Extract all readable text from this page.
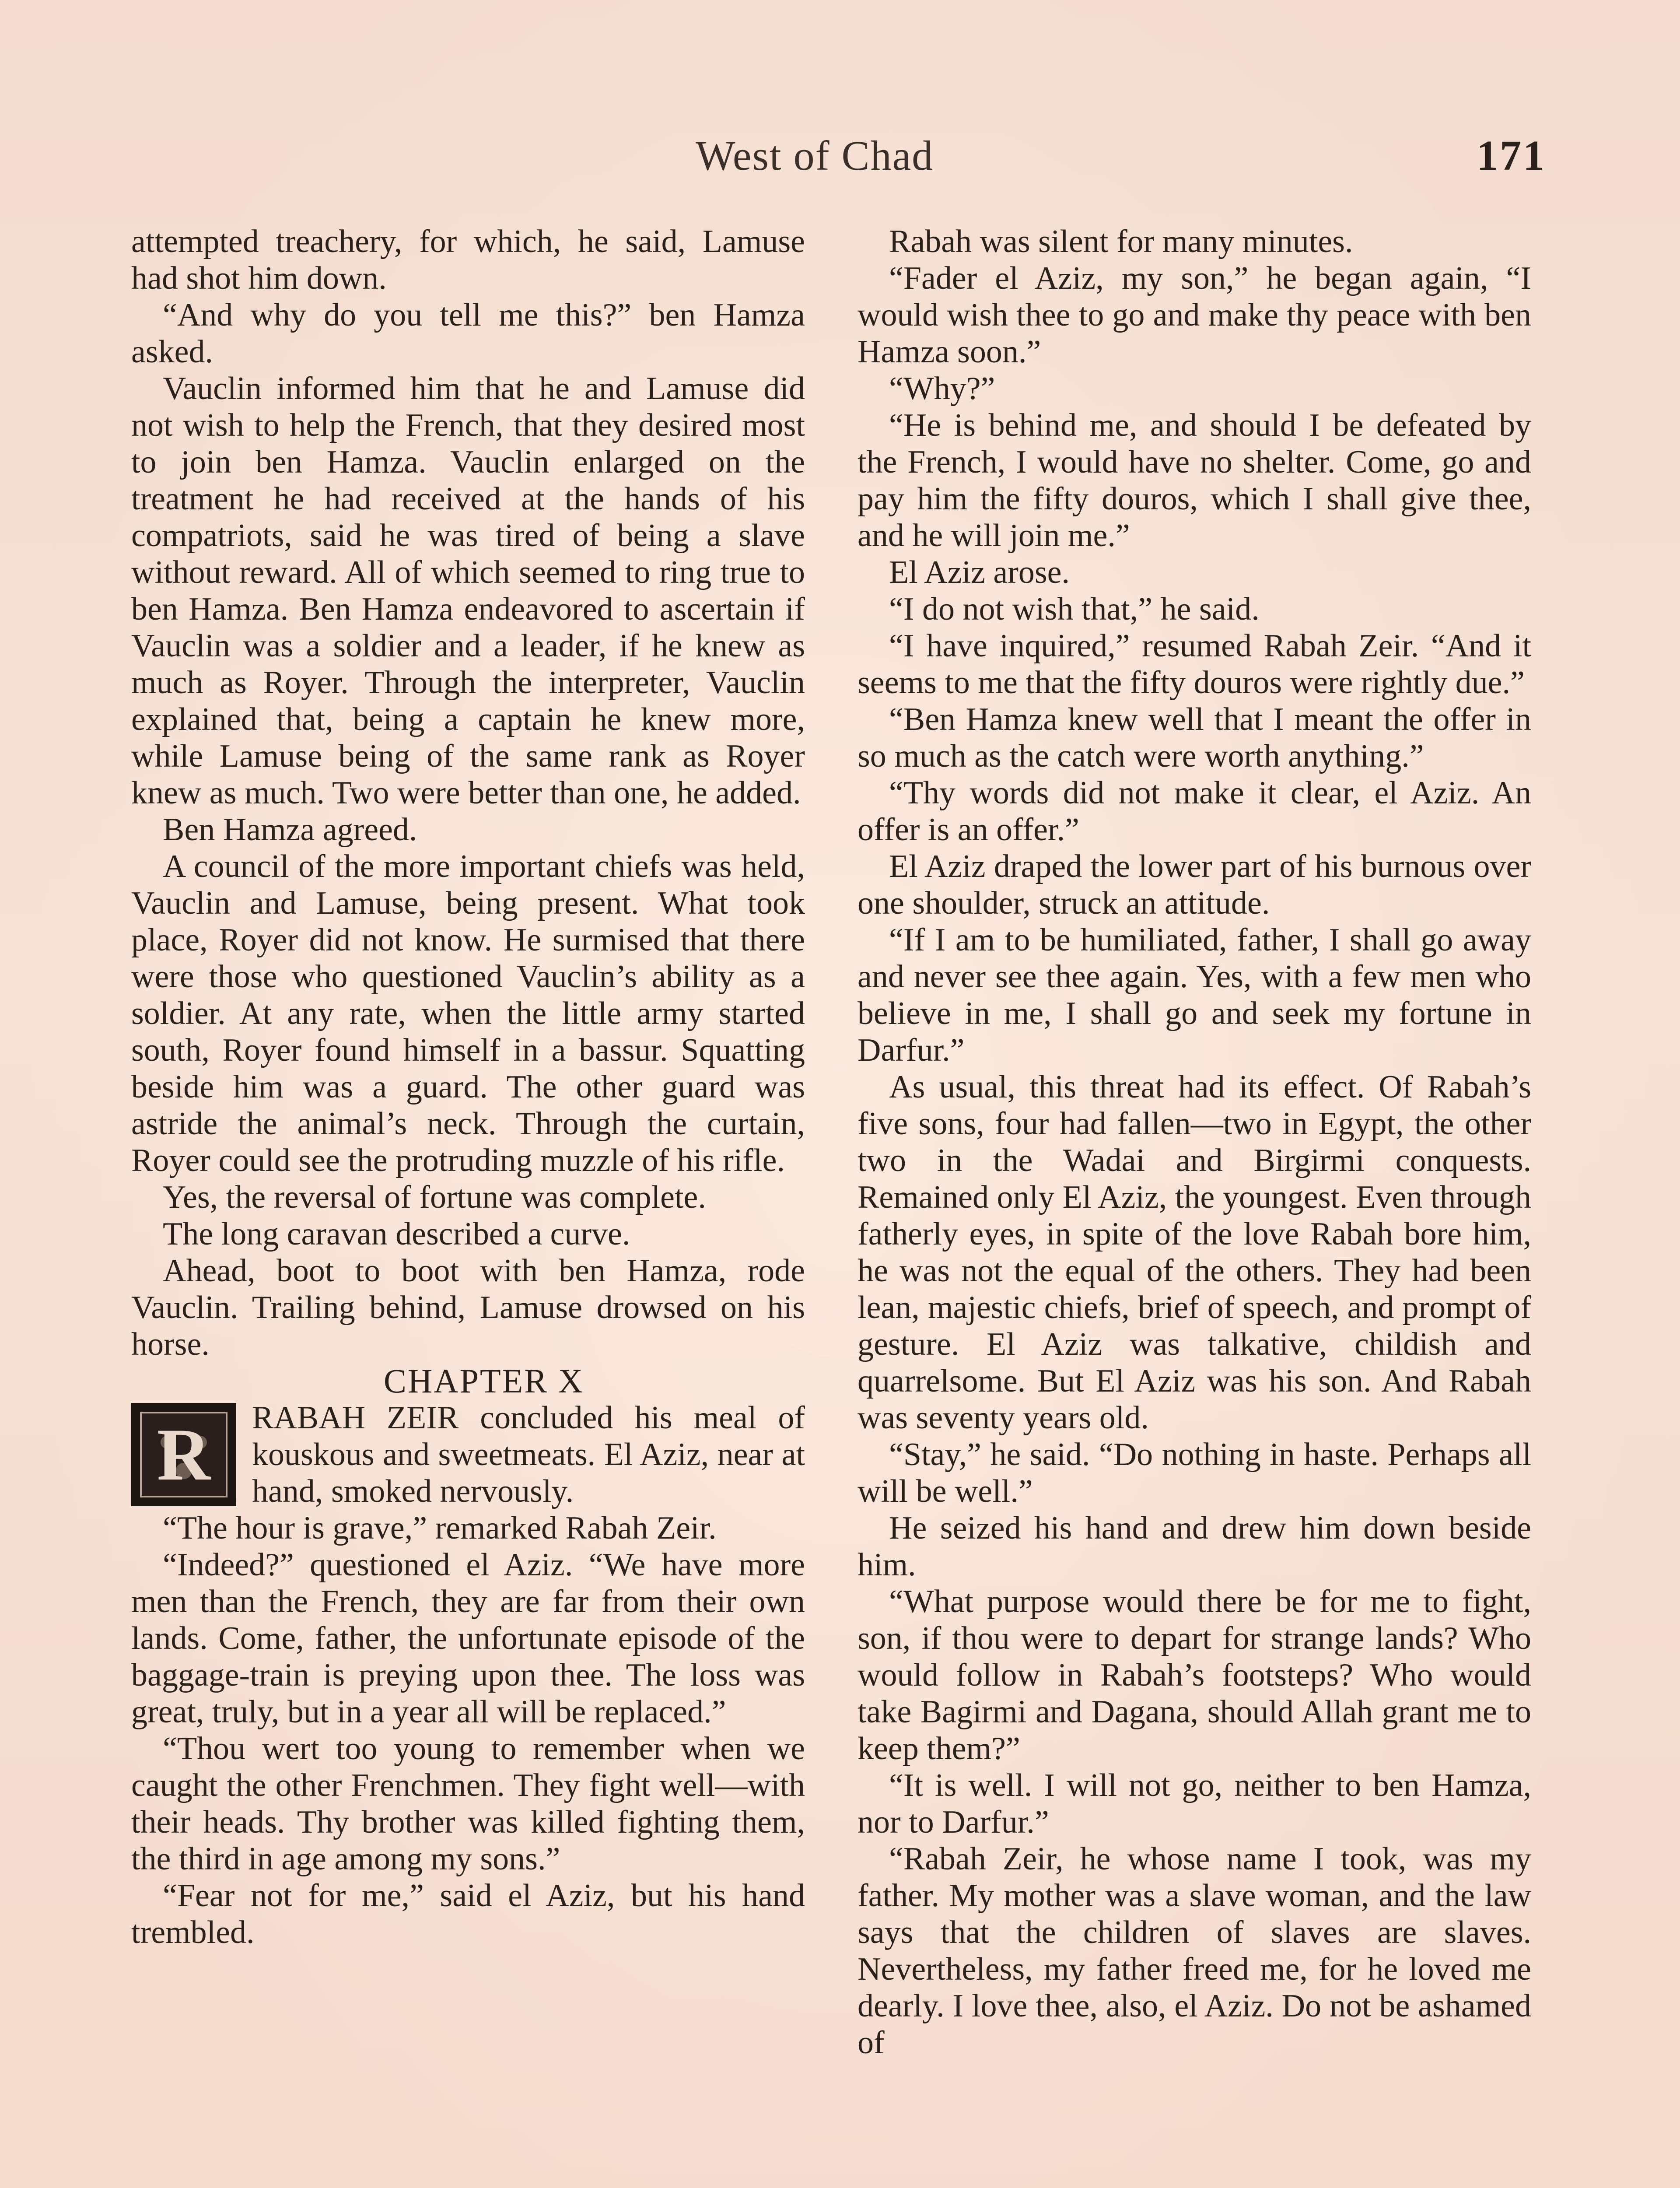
West of Chad	171

attempted treachery, for which, he said, Lamuse had shot him down.

“And why do you tell me this?” ben Hamza asked.

Vauclin informed him that he and Lamuse did not wish to help the French, that they desired most to join ben Hamza. Vauclin enlarged on the treatment he had received at the hands of his compatriots, said he was tired of being a slave without reward. All of which seemed to ring true to ben Hamza. Ben Hamza endeavored to ascertain if Vauclin was a soldier and a leader, if he knew as much as Royer. Through the interpreter, Vauclin explained that, being a captain he knew more, while Lamuse being of the same rank as Royer knew as much. Two were better than one, he added.

Ben Hamza agreed.

A council of the more important chiefs was held, Vauclin and Lamuse, being present. What took place, Royer did not know. He surmised that there were those who questioned Vauclin’s ability as a soldier. At any rate, when the little army started south, Royer found himself in a bassur. Squatting beside him was a guard. The other guard was astride the animal’s neck. Through the curtain, Royer could see the protruding muzzle of his rifle.

Yes, the reversal of fortune was complete.

The long caravan described a curve.

Ahead, boot to boot with ben Hamza, rode Vauclin. Trailing behind, Lamuse drowsed on his horse.

CHAPTER X

R	RABAH ZEIR concluded his meal of kouskous and sweetmeats. El Aziz, near at hand, smoked nervously.

“The hour is grave,” remarked Rabah Zeir.

“Indeed?” questioned el Aziz. “We have more men than the French, they are far from their own lands. Come, father, the unfortunate episode of the baggage-train is preying upon thee. The loss was great, truly, but in a year all will be replaced.”

“Thou wert too young to remember when we caught the other Frenchmen. They fight well—with their heads. Thy brother was killed fighting them, the third in age among my sons.”

“Fear not for me,” said el Aziz, but his hand trembled.

Rabah was silent for many minutes.

“Fader el Aziz, my son,” he began again, “I would wish thee to go and make thy peace with ben Hamza soon.”

“Why?”

“He is behind me, and should I be defeated by the French, I would have no shelter. Come, go and pay him the fifty douros, which I shall give thee, and he will join me.”

El Aziz arose.

“I do not wish that,” he said.

“I have inquired,” resumed Rabah Zeir. “And it seems to me that the fifty douros were rightly due.”

“Ben Hamza knew well that I meant the offer in so much as the catch were worth anything.”

“Thy words did not make it clear, el Aziz. An offer is an offer.”

El Aziz draped the lower part of his burnous over one shoulder, struck an attitude.

“If I am to be humiliated, father, I shall go away and never see thee again. Yes, with a few men who believe in me, I shall go and seek my fortune in Darfur.”

As usual, this threat had its effect. Of Rabah’s five sons, four had fallen—two in Egypt, the other two in the Wadai and Birgirmi conquests. Remained only El Aziz, the youngest. Even through fatherly eyes, in spite of the love Rabah bore him, he was not the equal of the others. They had been lean, majestic chiefs, brief of speech, and prompt of gesture. El Aziz was talkative, childish and quarrelsome. But El Aziz was his son. And Rabah was seventy years old.

“Stay,” he said. “Do nothing in haste. Perhaps all will be well.”

He seized his hand and drew him down beside him.

“What purpose would there be for me to fight, son, if thou were to depart for strange lands? Who would follow in Rabah’s footsteps? Who would take Bagirmi and Dagana, should Allah grant me to keep them?”

“It is well. I will not go, neither to ben Hamza, nor to Darfur.”

“Rabah Zeir, he whose name I took, was my father. My mother was a slave woman, and the law says that the children of slaves are slaves. Nevertheless, my father freed me, for he loved me dearly. I love thee, also, el Aziz. Do not be ashamed of
